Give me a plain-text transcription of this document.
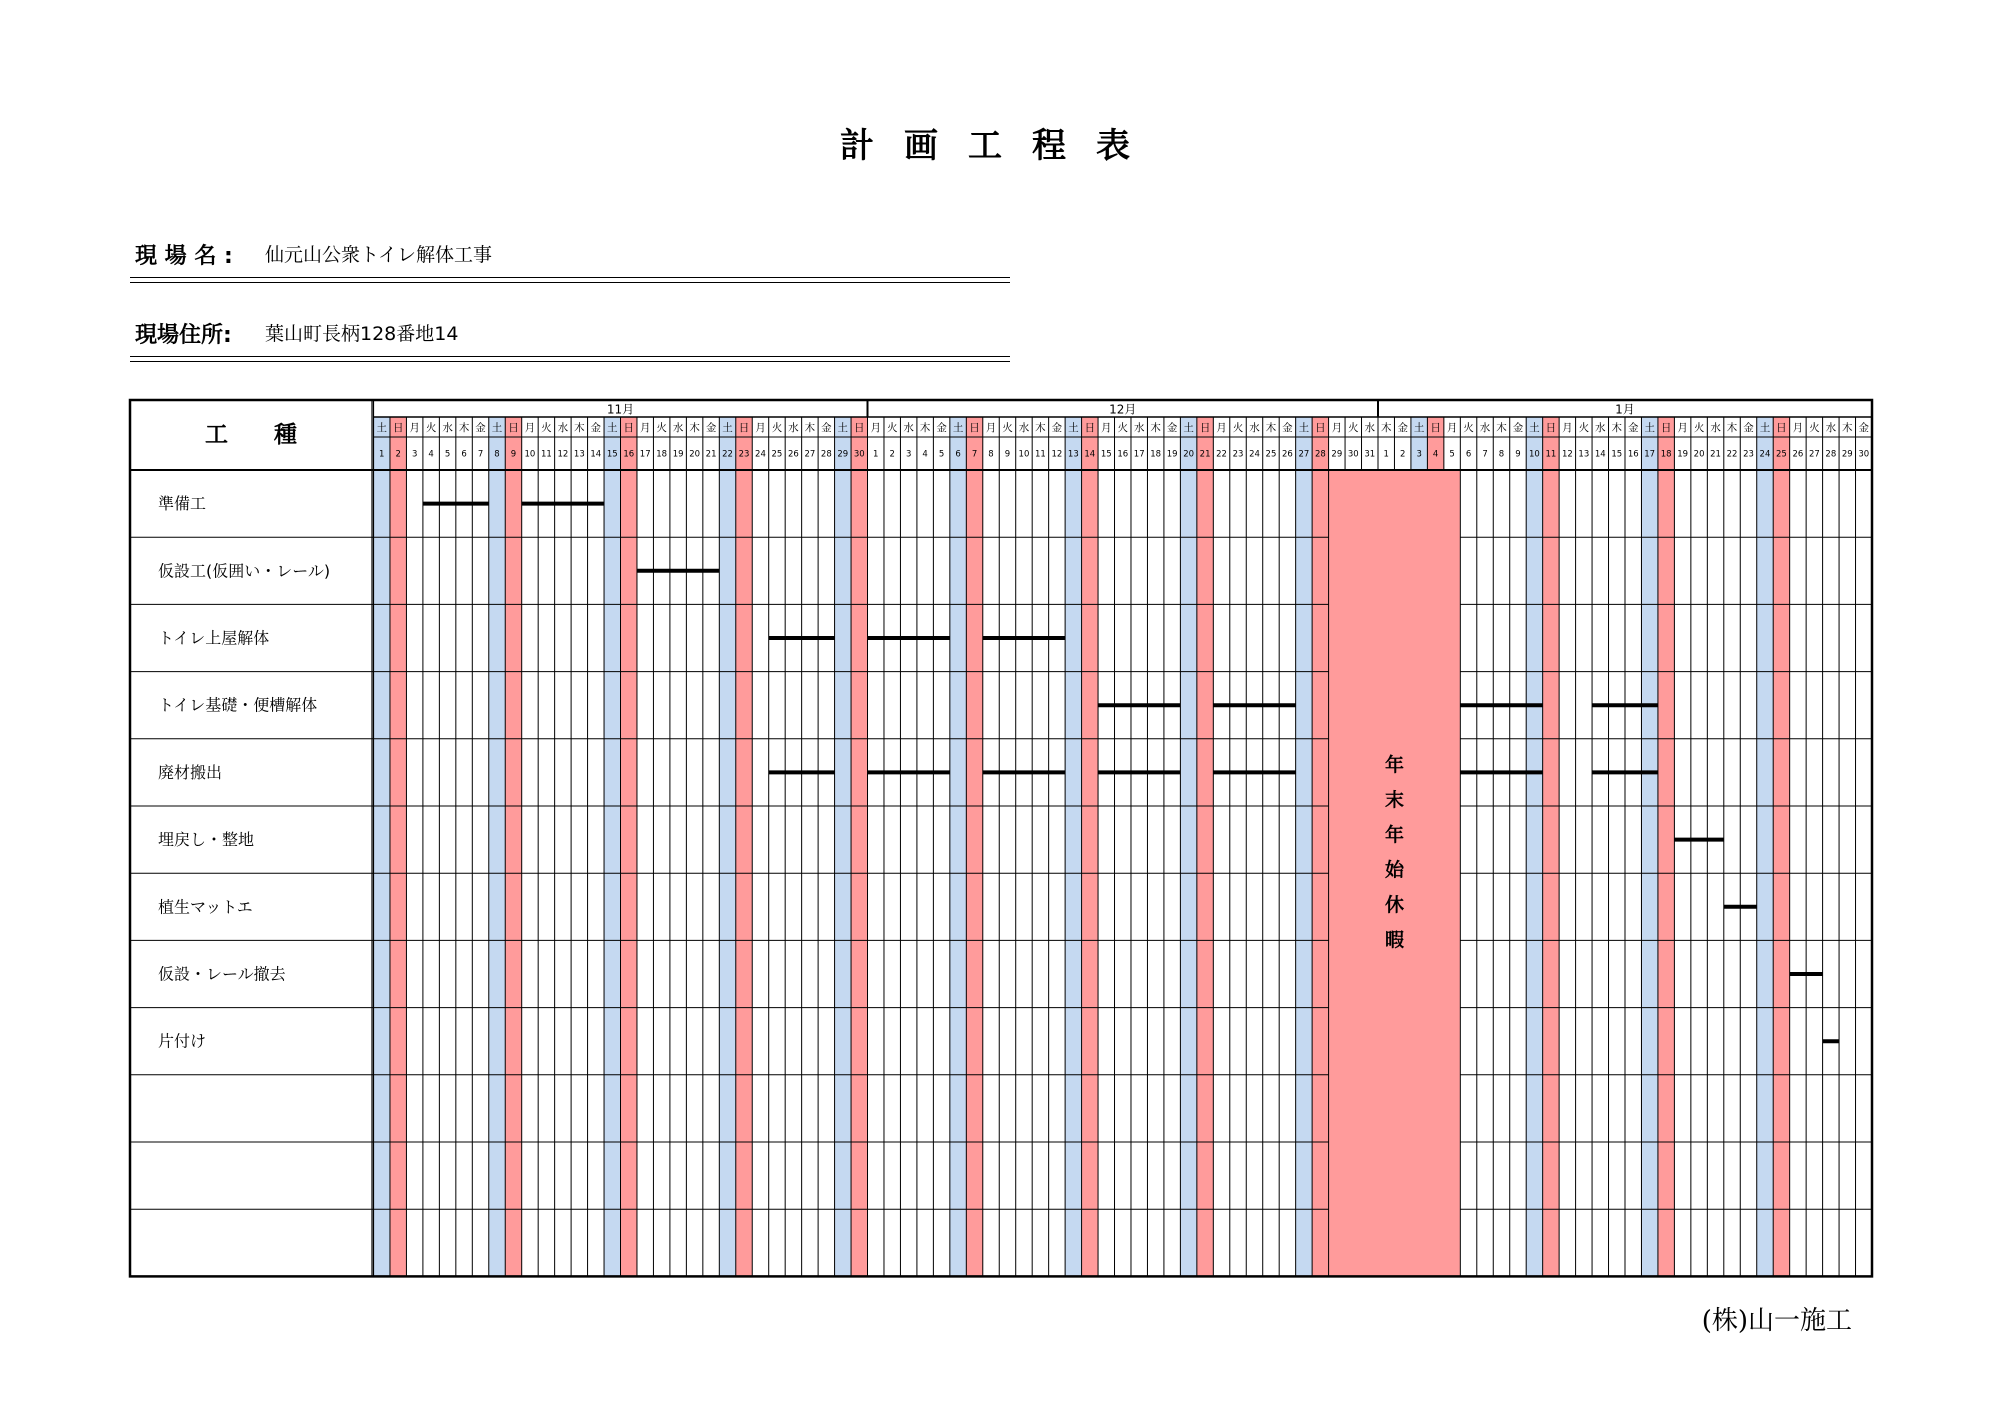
計画工程表
現 場 名 : 仙元山公衆トイレ解体工事
現場住所: 葉山町長柄128番地14
11月	12月	1月
土
1
日
2
月
3
火
4
水
5
木
6
金
7
土
8
日
9
月
10
火
11
水
12
木
13
金
14
土
15
日
16
月
17
火
18
水
19
木
20
金
21
土
22
日
23
月
24
火
25
水
26
木
27
金
28
土
29
日
30
月
1
火
2
水
3
木
4
金
5
土
6
日
7
月
8
火
9
水
10
木
11
金
12
土
13
日
14
月
15
火
16
水
17
木
18
金
19
土
20
日
21
月
22
火
23
水
24
木
25
金
26
土
27
日
28
月
29
火
30
水
31
木
1
金
2
土
3
日
4
月
5
火
6
水
7
木
8
金
9
土
10
日
11
月
12
火
13
水
14
木
15
金
16
土
17
日
18
月
19
火
20
水
21
木
22
金
23
土
24
日
25
月
26
火
27
水
28
木
29
金
30
準備工
仮設工(仮囲い・レール)
トイレ上屋解体
トイレ基礎・便槽解体
廃材搬出
埋戻し・整地
植生マットエ
仮設・レール撤去
片付け
年
末
年
始
休
暇
工　　種
(株)山一施工
